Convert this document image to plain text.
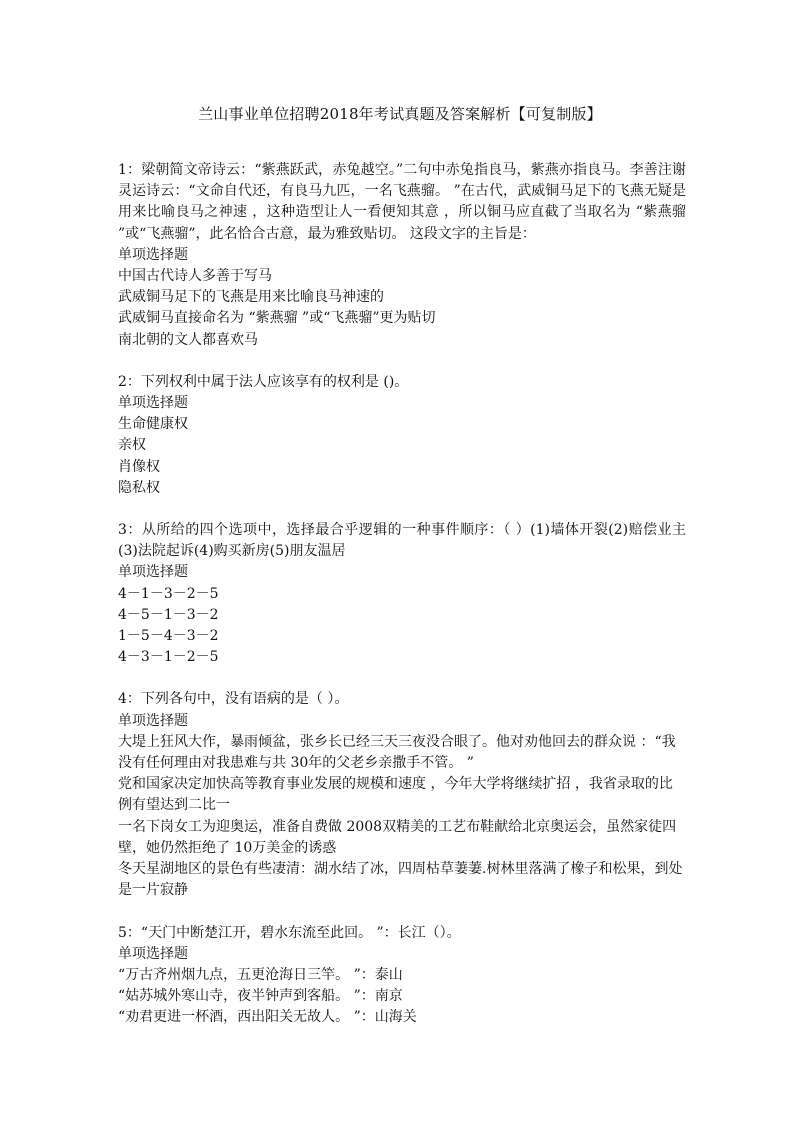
兰山事业单位招聘2018年考试真题及答案解析【可复制版】
1：梁朝简文帝诗云：“紫燕跃武，赤兔越空。”二句中赤兔指良马，紫燕亦指良马。李善注谢灵运诗云：“文命自代还，有良马九匹，一名飞燕骝。 ”在古代，武威铜马足下的飞燕无疑是用来比喻良马之神速 ，这种造型让人一看便知其意 ，所以铜马应直截了当取名为 “紫燕骝 ”或“飞燕骝”，此名恰合古意，最为雅致贴切。 这段文字的主旨是：
单项选择题
中国古代诗人多善于写马
武威铜马足下的飞燕是用来比喻良马神速的
武威铜马直接命名为 “紫燕骝 ”或“飞燕骝”更为贴切
南北朝的文人都喜欢马
2：下列权利中属于法人应该享有的权利是 ()。
单项选择题
生命健康权
亲权
肖像权
隐私权
3：从所给的四个选项中，选择最合乎逻辑的一种事件顺序：（ ）(1)墙体开裂(2)赔偿业主(3)法院起诉(4)购买新房(5)朋友温居
单项选择题
4－1－3－2－5
4－5－1－3－2
1－5－4－3－2
4－3－1－2－5
4：下列各句中，没有语病的是（ ）。
单项选择题
大堤上狂风大作，暴雨倾盆，张乡长已经三天三夜没合眼了。他对劝他回去的群众说 ：“我没有任何理由对我患难与共 30年的父老乡亲撒手不管。 ”
党和国家决定加快高等教育事业发展的规模和速度 ，今年大学将继续扩招 ，我省录取的比例有望达到二比一
一名下岗女工为迎奥运，准备自费做 2008双精美的工艺布鞋献给北京奥运会，虽然家徒四壁，她仍然拒绝了 10万美金的诱惑
冬天星湖地区的景色有些凄清：湖水结了冰，四周枯草萋萋.树林里落满了橡子和松果，到处是一片寂静
5：“天门中断楚江开，碧水东流至此回。 ”：长江（）。
单项选择题
“万古齐州烟九点，五更沧海日三竿。 ”：泰山
“姑苏城外寒山寺，夜半钟声到客船。 ”：南京
“劝君更进一杯酒，西出阳关无故人。 ”：山海关
